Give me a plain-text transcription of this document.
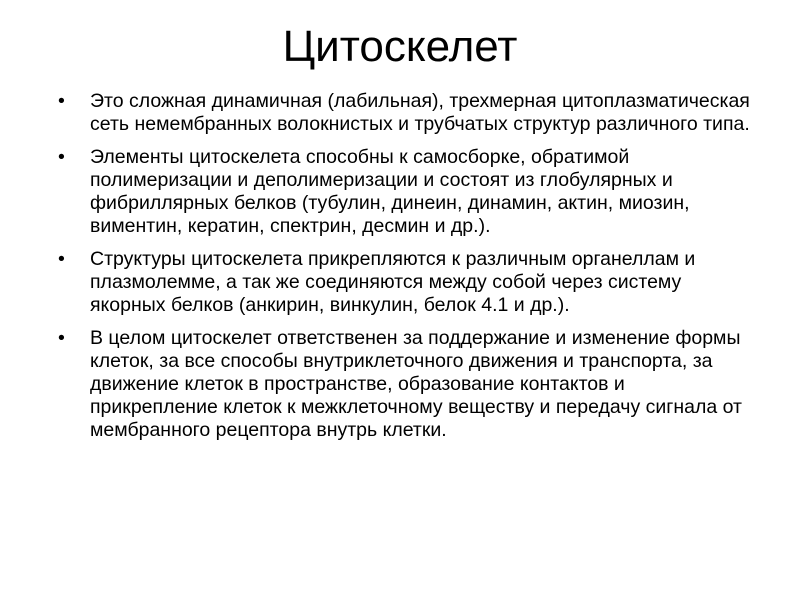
Цитоскелет
•	Это сложная динамичная (лабильная), трехмерная цитоплазматическая сеть немембранных волокнистых и трубчатых структур различного типа.
•	Элементы цитоскелета способны к самосборке, обратимой полимеризации и деполимеризации и состоят из глобулярных и фибриллярных белков (тубулин, динеин, динамин, актин, миозин, виментин, кератин, спектрин, десмин и др.).
•	Структуры цитоскелета прикрепляются к различным органеллам и плазмолемме, а так же соединяются между собой через систему якорных белков (анкирин, винкулин, белок 4.1 и др.).
•	В целом цитоскелет ответственен за поддержание и изменение формы клеток, за все способы внутриклеточного движения и транспорта, за движение клеток в пространстве, образование контактов и прикрепление клеток к межклеточному веществу и передачу сигнала от мембранного рецептора внутрь клетки.
